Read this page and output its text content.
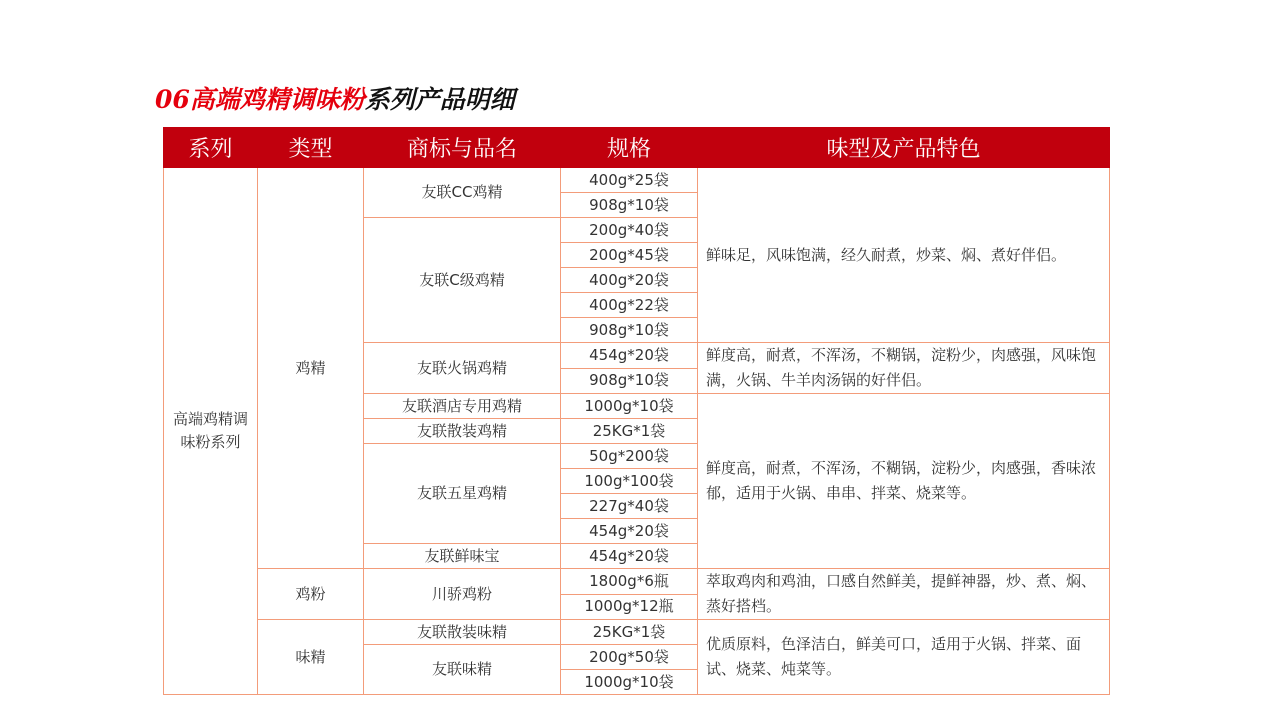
06高端鸡精调味粉系列产品明细
系列	类型	商标与品名	规格	味型及产品特色
高端鸡精调味粉系列	鸡精	友联CC鸡精	400g*25袋	鲜味足，风味饱满，经久耐煮，炒菜、焖、煮好伴侣。
			908g*10袋	
		友联C级鸡精	200g*40袋	
			200g*45袋	
			400g*20袋	
			400g*22袋	
			908g*10袋	
		友联火锅鸡精	454g*20袋	鲜度高，耐煮，不浑汤，不糊锅，淀粉少，肉感强，风味饱满，火锅、牛羊肉汤锅的好伴侣。
			908g*10袋	
		友联酒店专用鸡精	1000g*10袋	鲜度高，耐煮，不浑汤，不糊锅，淀粉少，肉感强，香味浓郁，适用于火锅、串串、拌菜、烧菜等。
		友联散装鸡精	25KG*1袋	
		友联五星鸡精	50g*200袋	
			100g*100袋	
			227g*40袋	
			454g*20袋	
		友联鲜味宝	454g*20袋	
	鸡粉	川骄鸡粉	1800g*6瓶	萃取鸡肉和鸡油，口感自然鲜美，提鲜神器，炒、煮、焖、蒸好搭档。
			1000g*12瓶	
	味精	友联散装味精	25KG*1袋	优质原料，色泽洁白，鲜美可口，适用于火锅、拌菜、面试、烧菜、炖菜等。
		友联味精	200g*50袋	
			1000g*10袋	
